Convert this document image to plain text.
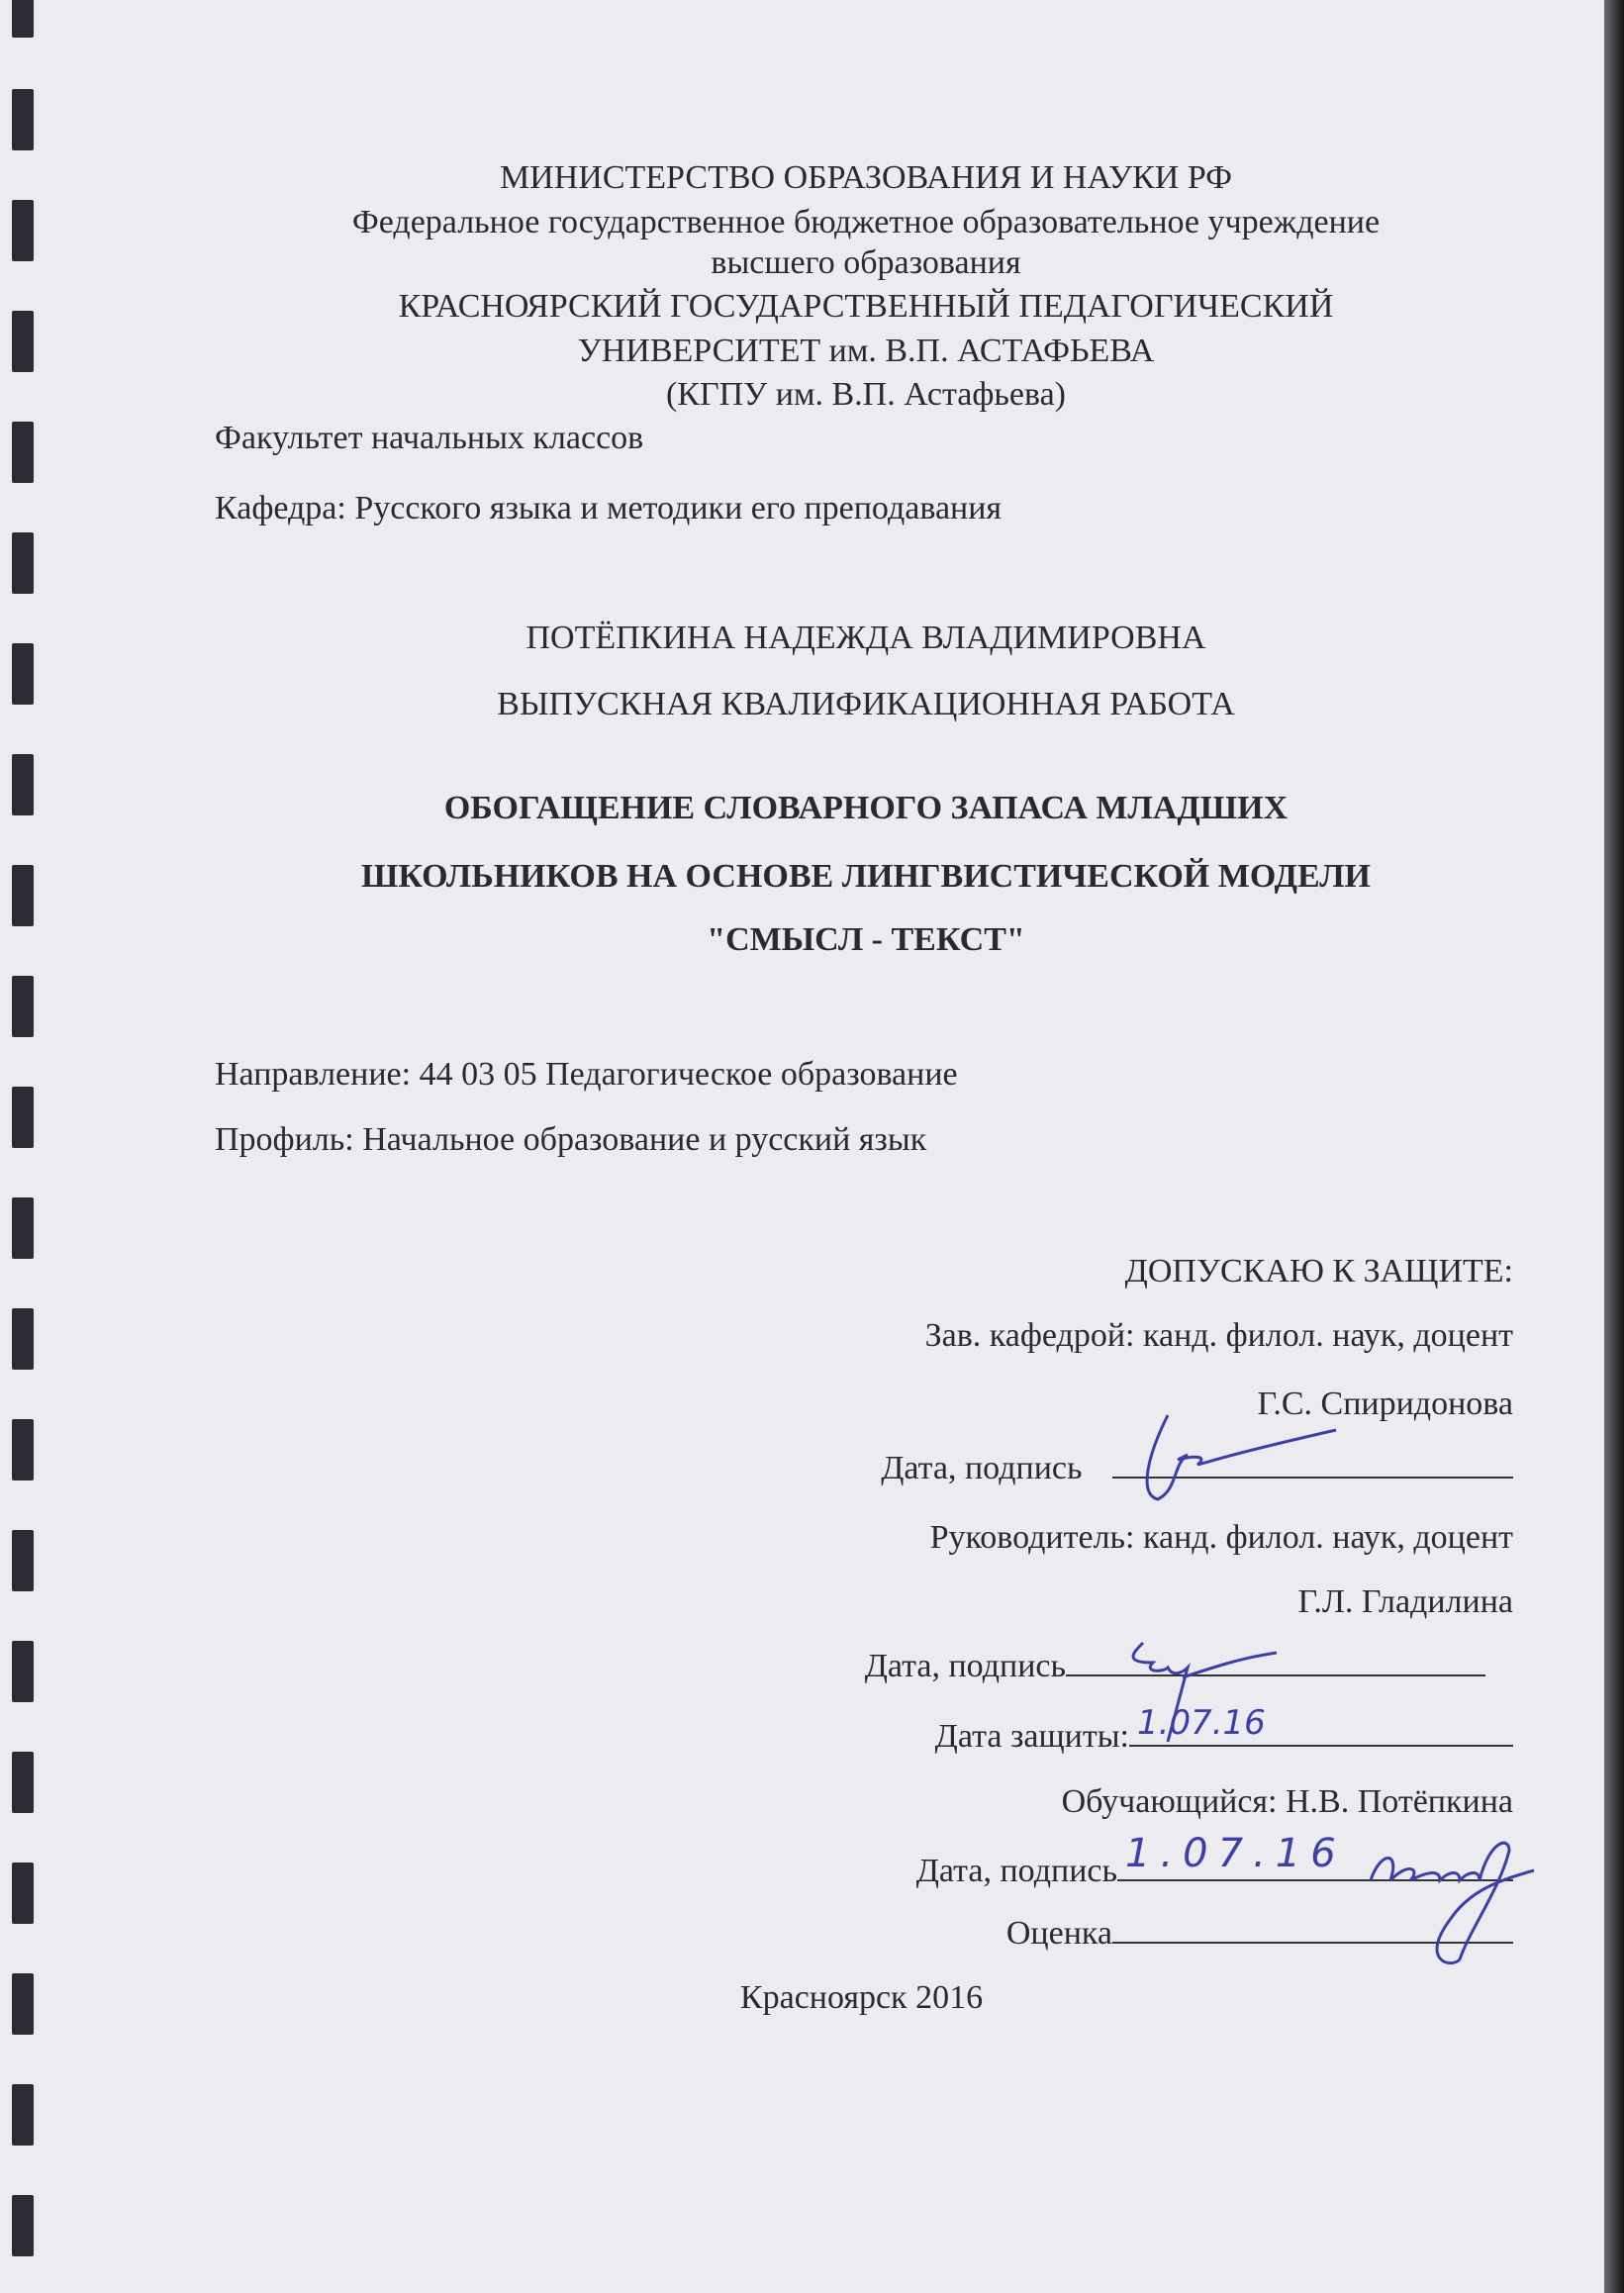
МИНИСТЕРСТВО ОБРАЗОВАНИЯ И НАУКИ РФ
Федеральное государственное бюджетное образовательное учреждение
высшего образования
КРАСНОЯРСКИЙ ГОСУДАРСТВЕННЫЙ ПЕДАГОГИЧЕСКИЙ
УНИВЕРСИТЕТ им. В.П. АСТАФЬЕВА
(КГПУ им. В.П. Астафьева)
Факультет начальных классов
Кафедра: Русского языка и методики его преподавания
ПОТЁПКИНА НАДЕЖДА ВЛАДИМИРОВНА
ВЫПУСКНАЯ КВАЛИФИКАЦИОННАЯ РАБОТА
ОБОГАЩЕНИЕ СЛОВАРНОГО ЗАПАСА МЛАДШИХ
ШКОЛЬНИКОВ НА ОСНОВЕ ЛИНГВИСТИЧЕСКОЙ МОДЕЛИ
"СМЫСЛ - ТЕКСТ"
Направление: 44 03 05 Педагогическое образование
Профиль: Начальное образование и русский язык
ДОПУСКАЮ К ЗАЩИТЕ:
Зав. кафедрой: канд. филол. наук, доцент
Г.С. Спиридонова
Дата, подпись
Руководитель: канд. филол. наук, доцент
Г.Л. Гладилина
Дата, подпись
Дата защиты: 1.07.16
Обучающийся: Н.В. Потёпкина
Дата, подпись 1.07.16
Оценка
Красноярск 2016
